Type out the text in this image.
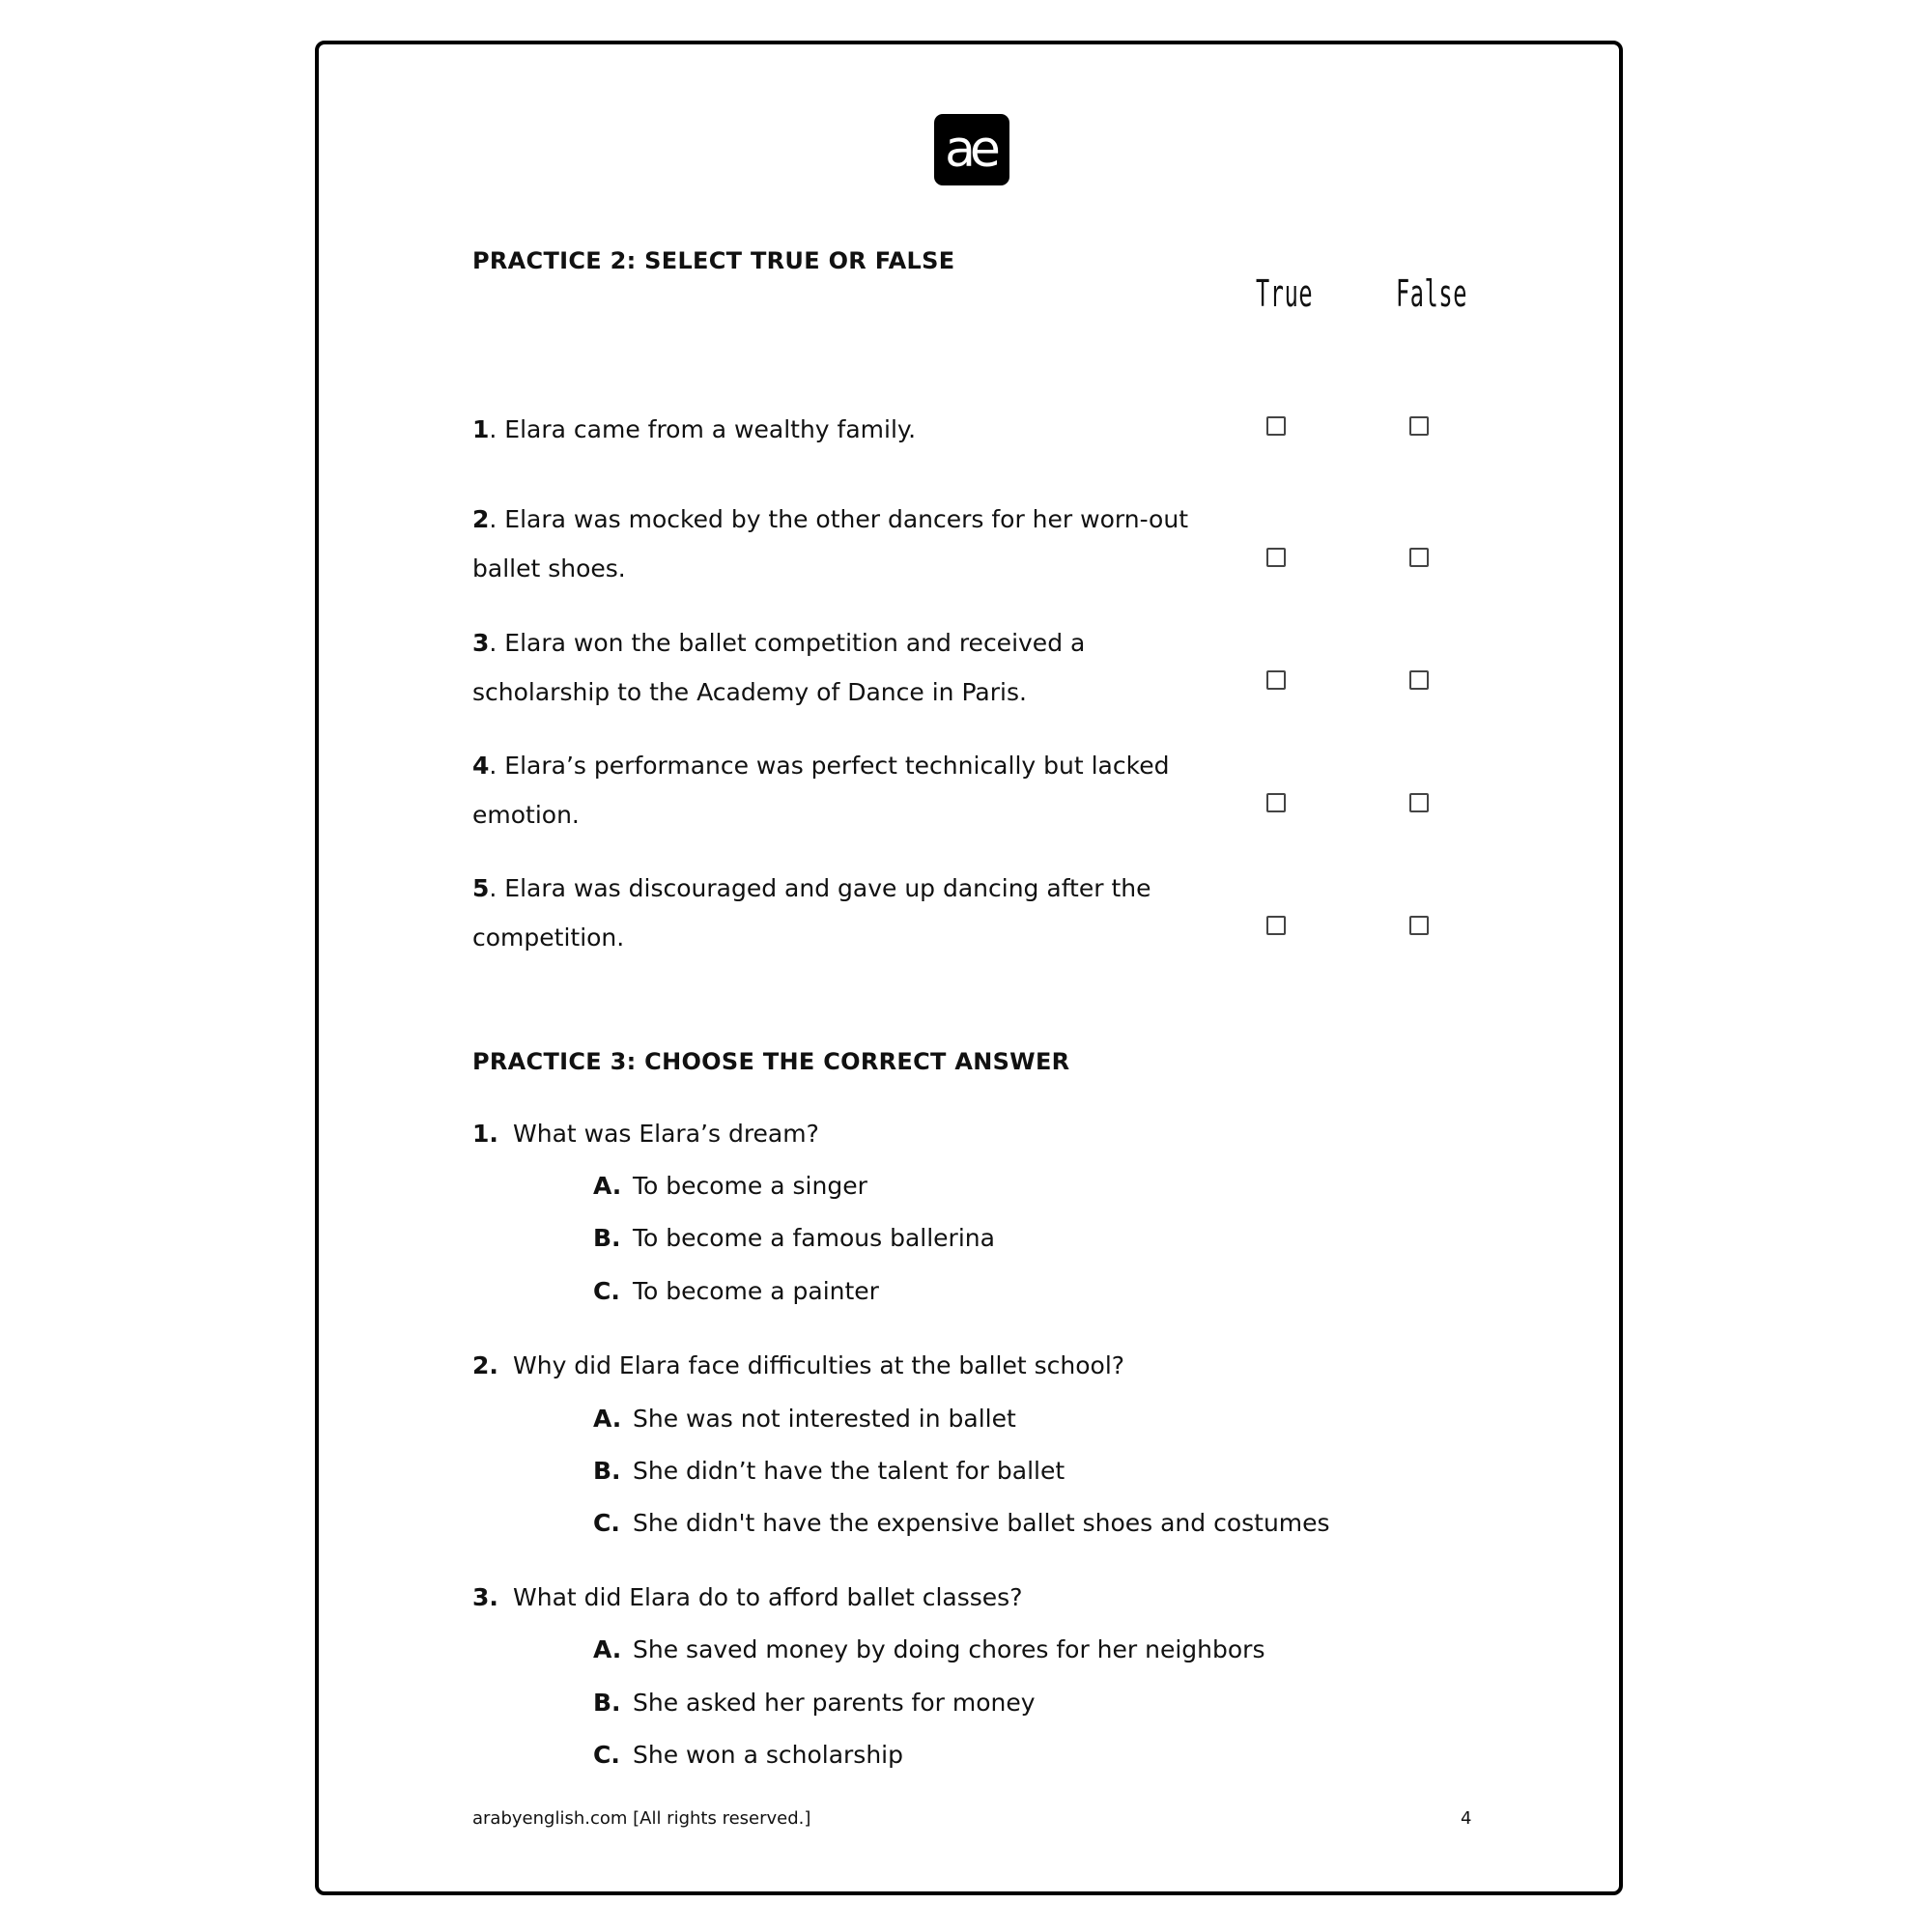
ae
PRACTICE 2: SELECT TRUE OR FALSE
True False
1. Elara came from a wealthy family.
2. Elara was mocked by the other dancers for her worn-out ballet shoes.
3. Elara won the ballet competition and received a scholarship to the Academy of Dance in Paris.
4. Elara’s performance was perfect technically but lacked emotion.
5. Elara was discouraged and gave up dancing after the competition.
PRACTICE 3: CHOOSE THE CORRECT ANSWER
1. What was Elara’s dream?
A. To become a singer
B. To become a famous ballerina
C. To become a painter
2. Why did Elara face difficulties at the ballet school?
A. She was not interested in ballet
B. She didn’t have the talent for ballet
C. She didn't have the expensive ballet shoes and costumes
3. What did Elara do to afford ballet classes?
A. She saved money by doing chores for her neighbors
B. She asked her parents for money
C. She won a scholarship
arabyenglish.com [All rights reserved.]	4
